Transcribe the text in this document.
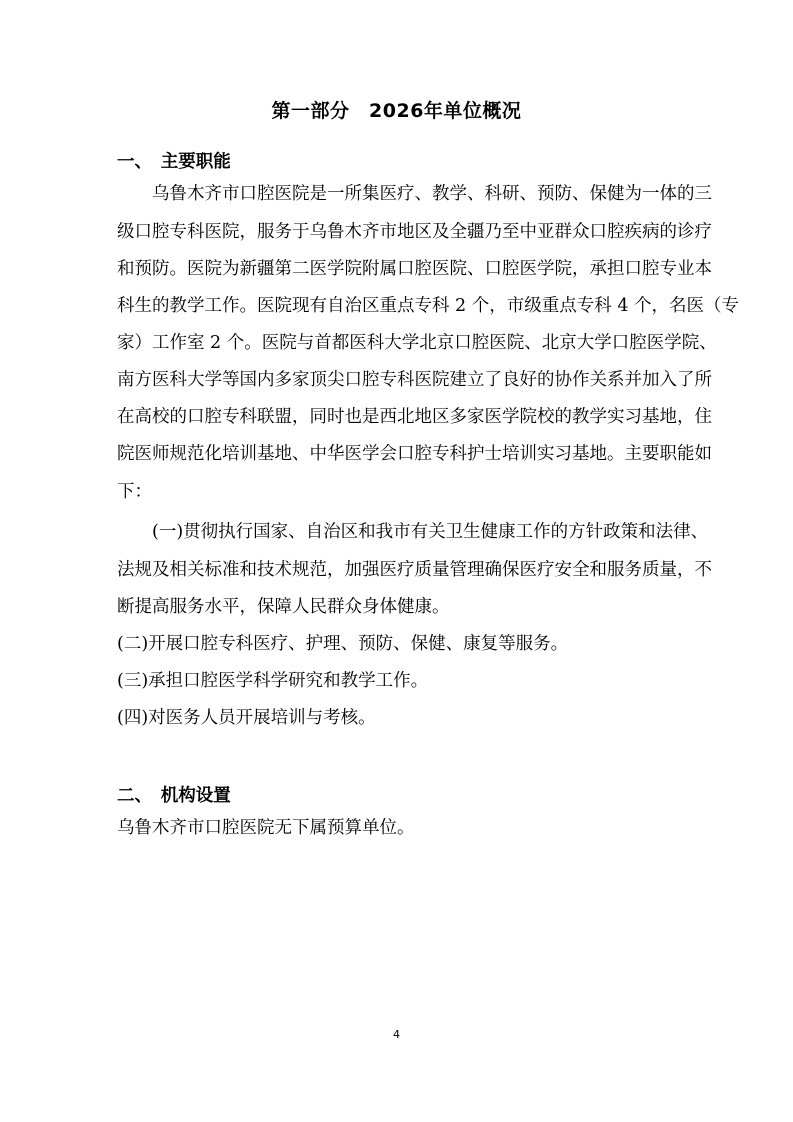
第一部分　2026年单位概况
一、　主要职能
乌鲁木齐市口腔医院是一所集医疗、教学、科研、预防、保健为一体的三
级口腔专科医院，服务于乌鲁木齐市地区及全疆乃至中亚群众口腔疾病的诊疗
和预防。医院为新疆第二医学院附属口腔医院、口腔医学院，承担口腔专业本
科生的教学工作。医院现有自治区重点专科 2 个，市级重点专科 4 个，名医（专
家）工作室 2 个。医院与首都医科大学北京口腔医院、北京大学口腔医学院、
南方医科大学等国内多家顶尖口腔专科医院建立了良好的协作关系并加入了所
在高校的口腔专科联盟，同时也是西北地区多家医学院校的教学实习基地，住
院医师规范化培训基地、中华医学会口腔专科护士培训实习基地。主要职能如
下：
(一)贯彻执行国家、自治区和我市有关卫生健康工作的方针政策和法律、
法规及相关标准和技术规范，加强医疗质量管理确保医疗安全和服务质量，不
断提高服务水平，保障人民群众身体健康。
(二)开展口腔专科医疗、护理、预防、保健、康复等服务。
(三)承担口腔医学科学研究和教学工作。
(四)对医务人员开展培训与考核。
二、　机构设置
乌鲁木齐市口腔医院无下属预算单位。
4
